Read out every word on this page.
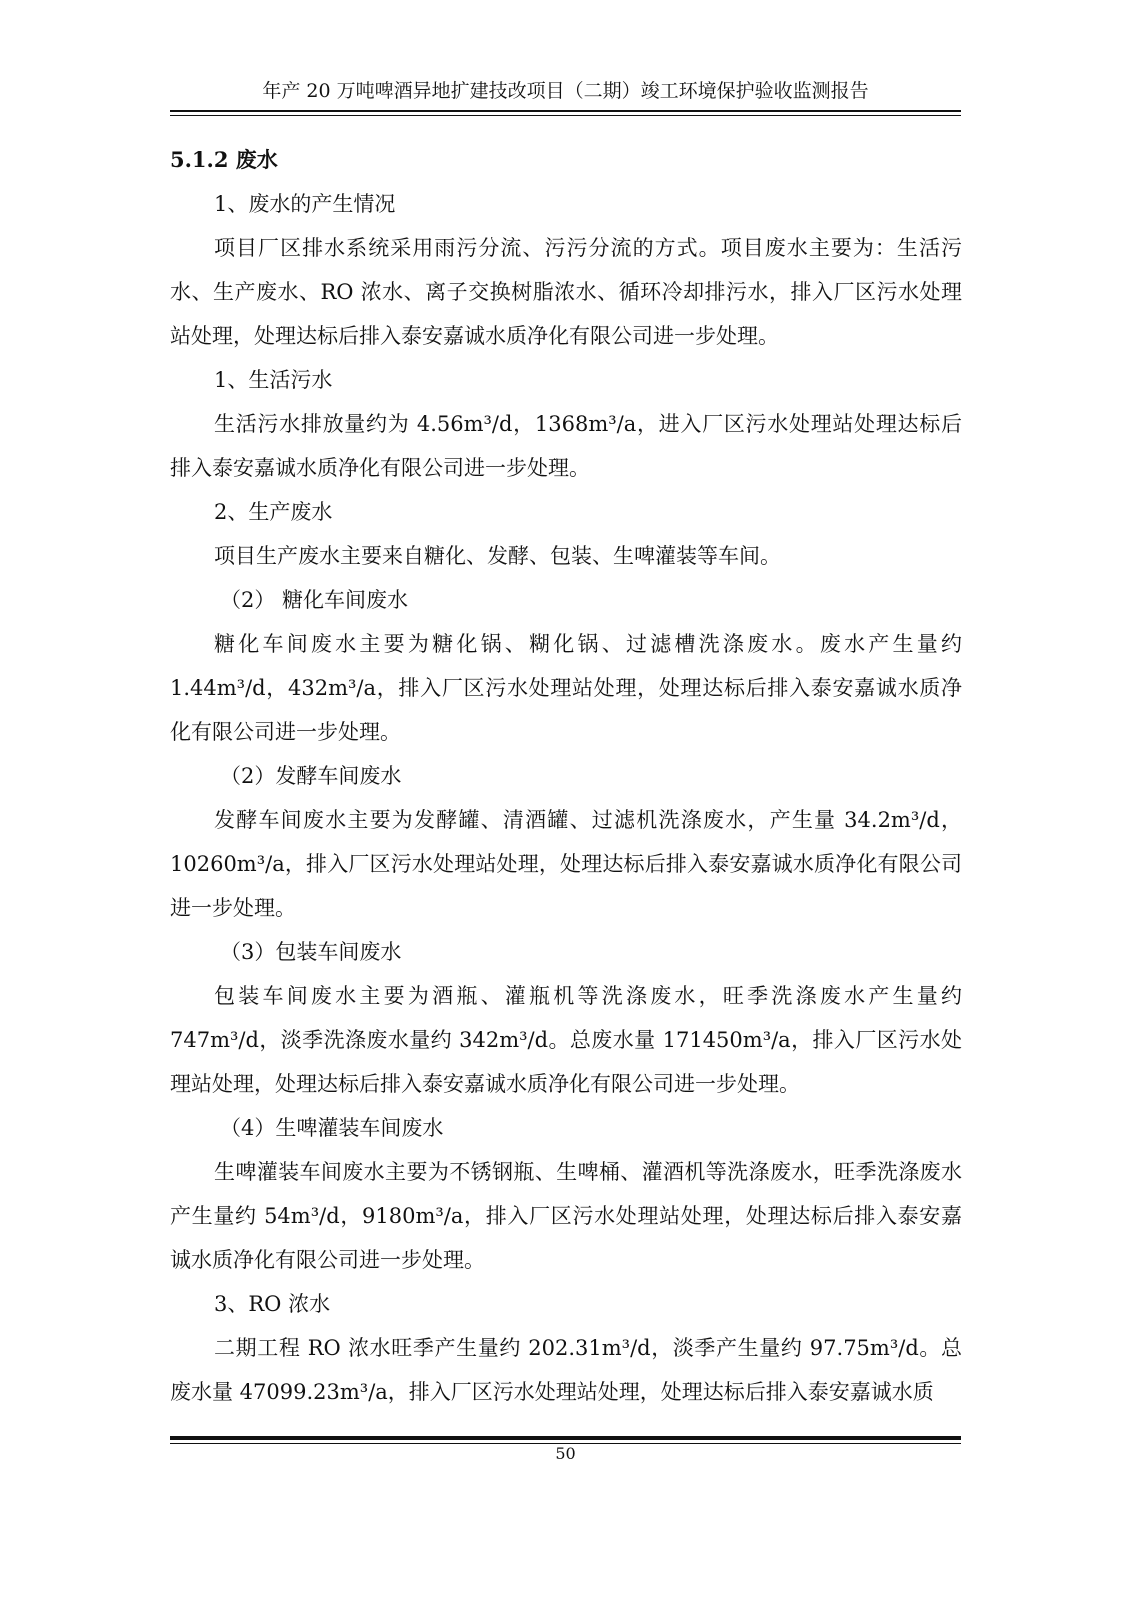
年产 20 万吨啤酒异地扩建技改项目（二期）竣工环境保护验收监测报告

5.1.2 废水

1、废水的产生情况

项目厂区排水系统采用雨污分流、污污分流的方式。项目废水主要为：生活污水、生产废水、RO 浓水、离子交换树脂浓水、循环冷却排污水，排入厂区污水处理站处理，处理达标后排入泰安嘉诚水质净化有限公司进一步处理。

1、生活污水

生活污水排放量约为 4.56m³/d，1368m³/a，进入厂区污水处理站处理达标后排入泰安嘉诚水质净化有限公司进一步处理。

2、生产废水

项目生产废水主要来自糖化、发酵、包装、生啤灌装等车间。

（2） 糖化车间废水

糖化车间废水主要为糖化锅、糊化锅、过滤槽洗涤废水。废水产生量约 1.44m³/d，432m³/a，排入厂区污水处理站处理，处理达标后排入泰安嘉诚水质净化有限公司进一步处理。

（2）发酵车间废水

发酵车间废水主要为发酵罐、清酒罐、过滤机洗涤废水，产生量 34.2m³/d，10260m³/a，排入厂区污水处理站处理，处理达标后排入泰安嘉诚水质净化有限公司进一步处理。

（3）包装车间废水

包装车间废水主要为酒瓶、灌瓶机等洗涤废水，旺季洗涤废水产生量约 747m³/d，淡季洗涤废水量约 342m³/d。总废水量 171450m³/a，排入厂区污水处理站处理，处理达标后排入泰安嘉诚水质净化有限公司进一步处理。

（4）生啤灌装车间废水

生啤灌装车间废水主要为不锈钢瓶、生啤桶、灌酒机等洗涤废水，旺季洗涤废水产生量约 54m³/d，9180m³/a，排入厂区污水处理站处理，处理达标后排入泰安嘉诚水质净化有限公司进一步处理。

3、RO 浓水

二期工程 RO 浓水旺季产生量约 202.31m³/d，淡季产生量约 97.75m³/d。总废水量 47099.23m³/a，排入厂区污水处理站处理，处理达标后排入泰安嘉诚水质

50
